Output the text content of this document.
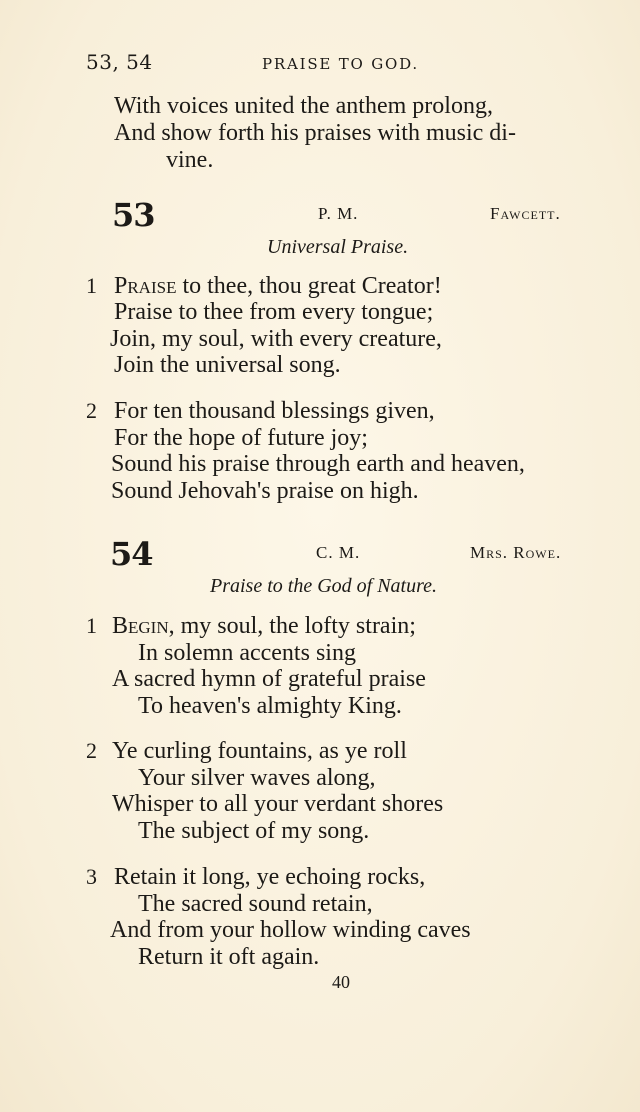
53, 54	PRAISE TO GOD.
With voices united the anthem prolong,
And show forth his praises with music di-
vine.
53	P. M.	Fawcett.
Universal Praise.
1 Praise to thee, thou great Creator!
Praise to thee from every tongue;
Join, my soul, with every creature,
Join the universal song.
2 For ten thousand blessings given,
For the hope of future joy;
Sound his praise through earth and heaven,
Sound Jehovah's praise on high.
54	C. M.	Mrs. Rowe.
Praise to the God of Nature.
1 Begin, my soul, the lofty strain;
In solemn accents sing
A sacred hymn of grateful praise
To heaven's almighty King.
2 Ye curling fountains, as ye roll
Your silver waves along,
Whisper to all your verdant shores
The subject of my song.
3 Retain it long, ye echoing rocks,
The sacred sound retain,
And from your hollow winding caves
Return it oft again.
40
